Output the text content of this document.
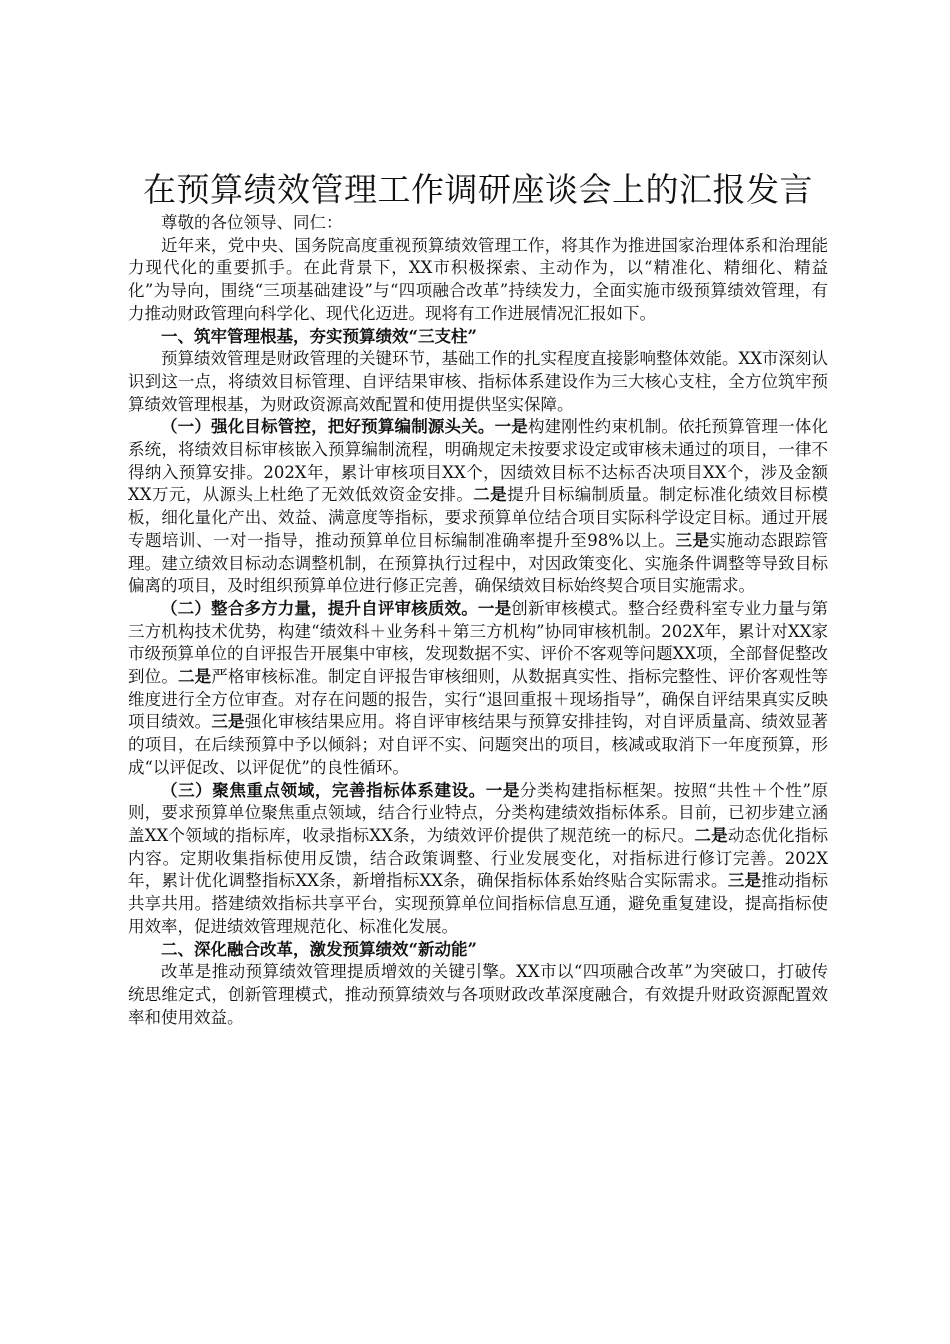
在预算绩效管理工作调研座谈会上的汇报发言

尊敬的各位领导、同仁：

近年来，党中央、国务院高度重视预算绩效管理工作，将其作为推进国家治理体系和治理能力现代化的重要抓手。在此背景下，XX市积极探索、主动作为，以“精准化、精细化、精益化”为导向，围绕“三项基础建设”与“四项融合改革”持续发力，全面实施市级预算绩效管理，有力推动财政管理向科学化、现代化迈进。现将有工作进展情况汇报如下。

一、筑牢管理根基，夯实预算绩效“三支柱”

预算绩效管理是财政管理的关键环节，基础工作的扎实程度直接影响整体效能。XX市深刻认识到这一点，将绩效目标管理、自评结果审核、指标体系建设作为三大核心支柱，全方位筑牢预算绩效管理根基，为财政资源高效配置和使用提供坚实保障。

（一）强化目标管控，把好预算编制源头关。一是构建刚性约束机制。依托预算管理一体化系统，将绩效目标审核嵌入预算编制流程，明确规定未按要求设定或审核未通过的项目，一律不得纳入预算安排。202X年，累计审核项目XX个，因绩效目标不达标否决项目XX个，涉及金额XX万元，从源头上杜绝了无效低效资金安排。二是提升目标编制质量。制定标准化绩效目标模板，细化量化产出、效益、满意度等指标，要求预算单位结合项目实际科学设定目标。通过开展专题培训、一对一指导，推动预算单位目标编制准确率提升至98%以上。三是实施动态跟踪管理。建立绩效目标动态调整机制，在预算执行过程中，对因政策变化、实施条件调整等导致目标偏离的项目，及时组织预算单位进行修正完善，确保绩效目标始终契合项目实施需求。

（二）整合多方力量，提升自评审核质效。一是创新审核模式。整合经费科室专业力量与第三方机构技术优势，构建“绩效科＋业务科＋第三方机构”协同审核机制。202X年，累计对XX家市级预算单位的自评报告开展集中审核，发现数据不实、评价不客观等问题XX项，全部督促整改到位。二是严格审核标准。制定自评报告审核细则，从数据真实性、指标完整性、评价客观性等维度进行全方位审查。对存在问题的报告，实行“退回重报＋现场指导”，确保自评结果真实反映项目绩效。三是强化审核结果应用。将自评审核结果与预算安排挂钩，对自评质量高、绩效显著的项目，在后续预算中予以倾斜；对自评不实、问题突出的项目，核减或取消下一年度预算，形成“以评促改、以评促优”的良性循环。

（三）聚焦重点领域，完善指标体系建设。一是分类构建指标框架。按照“共性＋个性”原则，要求预算单位聚焦重点领域，结合行业特点，分类构建绩效指标体系。目前，已初步建立涵盖XX个领域的指标库，收录指标XX条，为绩效评价提供了规范统一的标尺。二是动态优化指标内容。定期收集指标使用反馈，结合政策调整、行业发展变化，对指标进行修订完善。202X年，累计优化调整指标XX条，新增指标XX条，确保指标体系始终贴合实际需求。三是推动指标共享共用。搭建绩效指标共享平台，实现预算单位间指标信息互通，避免重复建设，提高指标使用效率，促进绩效管理规范化、标准化发展。

二、深化融合改革，激发预算绩效“新动能”

改革是推动预算绩效管理提质增效的关键引擎。XX市以“四项融合改革”为突破口，打破传统思维定式，创新管理模式，推动预算绩效与各项财政改革深度融合，有效提升财政资源配置效率和使用效益。
